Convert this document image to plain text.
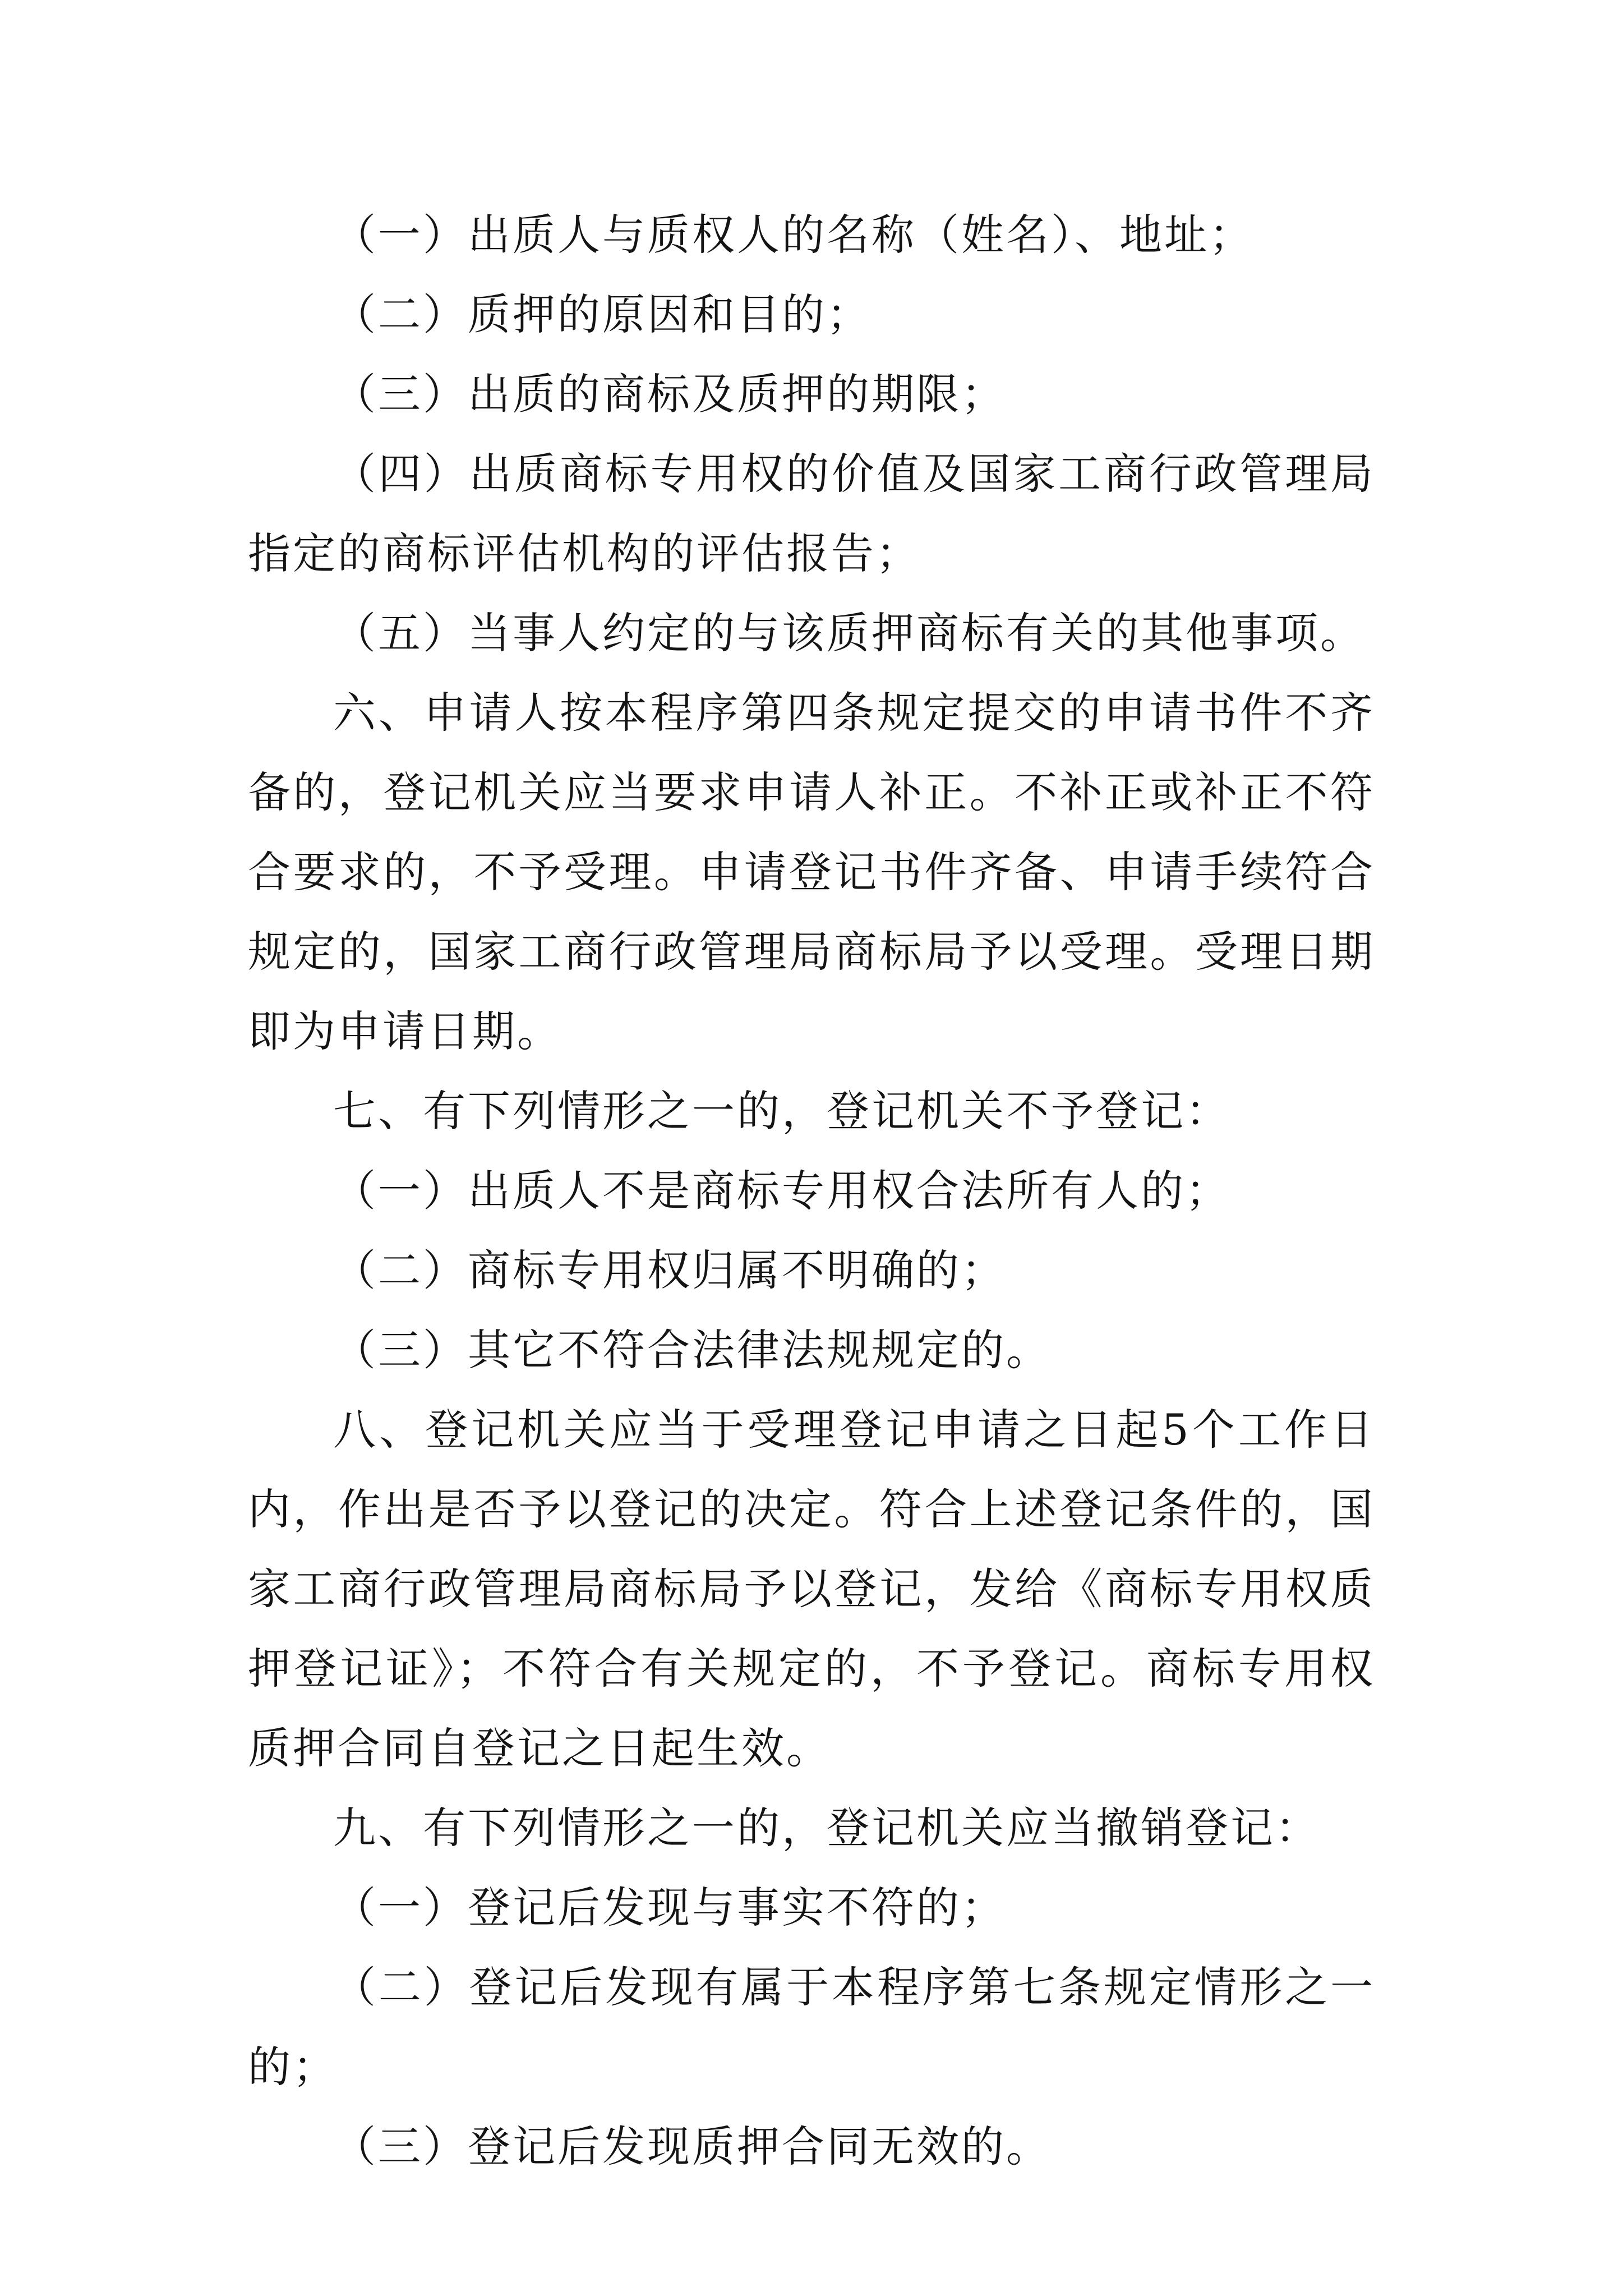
（一）出质人与质权人的名称（姓名）、地址；

（二）质押的原因和目的；

（三）出质的商标及质押的期限；

（四）出质商标专用权的价值及国家工商行政管理局指定的商标评估机构的评估报告；

（五）当事人约定的与该质押商标有关的其他事项。

六、申请人按本程序第四条规定提交的申请书件不齐备的，登记机关应当要求申请人补正。不补正或补正不符合要求的，不予受理。申请登记书件齐备、申请手续符合规定的，国家工商行政管理局商标局予以受理。受理日期即为申请日期。

七、有下列情形之一的，登记机关不予登记：

（一）出质人不是商标专用权合法所有人的；

（二）商标专用权归属不明确的；

（三）其它不符合法律法规规定的。

八、登记机关应当于受理登记申请之日起5个工作日内，作出是否予以登记的决定。符合上述登记条件的，国家工商行政管理局商标局予以登记，发给《商标专用权质押登记证》；不符合有关规定的，不予登记。商标专用权质押合同自登记之日起生效。

九、有下列情形之一的，登记机关应当撤销登记：

（一）登记后发现与事实不符的；

（二）登记后发现有属于本程序第七条规定情形之一的；

（三）登记后发现质押合同无效的。
